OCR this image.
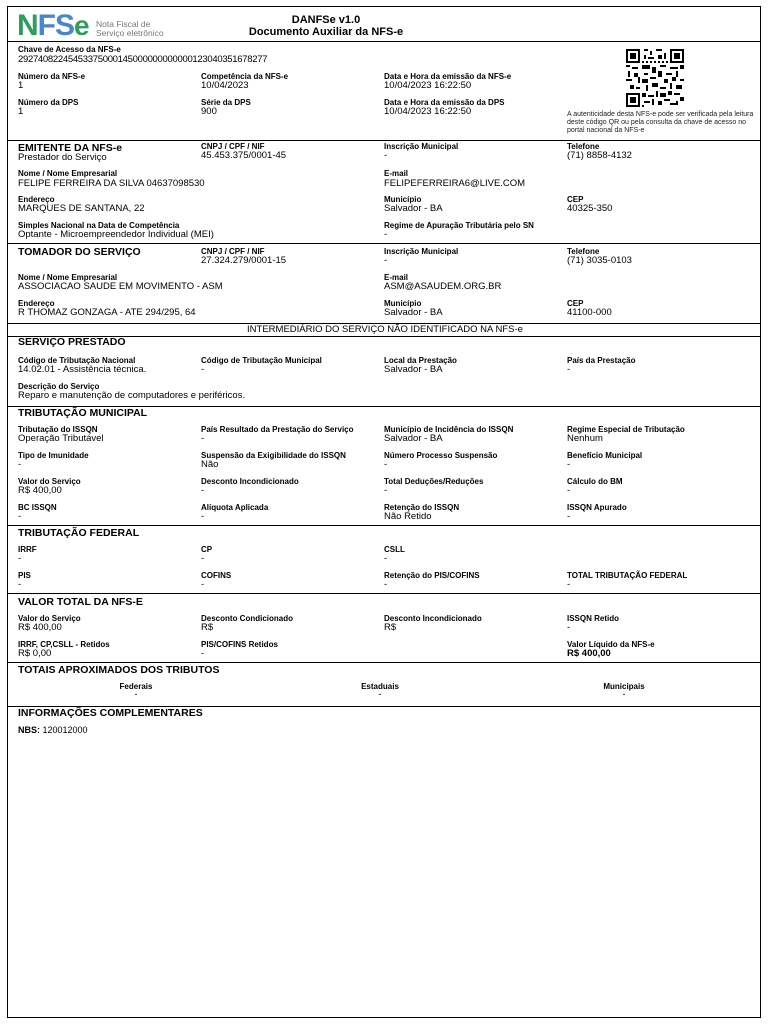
NFSe Nota Fiscal de
Serviço eletrônico
DANFSe v1.0
Documento Auxiliar da NFS-e
Chave de Acesso da NFS-e
29274082245453375000145000000000000123040351678277
Número da NFS-e
1
Competência da NFS-e
10/04/2023
Data e Hora da emissão da NFS-e
10/04/2023 16:22:50
Número da DPS
1
Série da DPS
900
Data e Hora da emissão da DPS
10/04/2023 16:22:50	A autenticidade desta NFS-e pode ser verificada pela leitura deste código QR ou pela consulta da chave de acesso no portal nacional da NFS-e
EMITENTE DA NFS-e
Prestador do Serviço
CNPJ / CPF / NIF
45.453.375/0001-45
Inscrição Municipal
-
Telefone
(71) 8858-4132
Nome / Nome Empresarial
FELIPE FERREIRA DA SILVA 04637098530
E-mail
FELIPEFERREIRA6@LIVE.COM
Endereço
MARQUES DE SANTANA, 22
Município
Salvador - BA
CEP
40325-350
Simples Nacional na Data de Competência
Optante - Microempreendedor Individual (MEI)
Regime de Apuração Tributária pelo SN
-
TOMADOR DO SERVIÇO	CNPJ / CPF / NIF
27.324.279/0001-15
Inscrição Municipal
-
Telefone
(71) 3035-0103
Nome / Nome Empresarial
ASSOCIACAO SAUDE EM MOVIMENTO - ASM
E-mail
ASM@ASAUDEM.ORG.BR
Endereço
R THOMAZ GONZAGA - ATE 294/295, 64
Município
Salvador - BA
CEP
41100-000
INTERMEDIÁRIO DO SERVIÇO NÃO IDENTIFICADO NA NFS-e
SERVIÇO PRESTADO
Código de Tributação Nacional
14.02.01 - Assistência técnica.
Código de Tributação Municipal
-
Local da Prestação
Salvador - BA
País da Prestação
-
Descrição do Serviço
Reparo e manutenção de computadores e periféricos.
TRIBUTAÇÃO MUNICIPAL
Tributação do ISSQN
Operação Tributável
País Resultado da Prestação do Serviço
-
Município de Incidência do ISSQN
Salvador - BA
Regime Especial de Tributação
Nenhum
Tipo de Imunidade
-
Suspensão da Exigibilidade do ISSQN
Não
Número Processo Suspensão
-
Benefício Municipal
-
Valor do Serviço
R$ 400,00
Desconto Incondicionado
-
Total Deduções/Reduções
-
Cálculo do BM
-
BC ISSQN
-
Alíquota Aplicada
-
Retenção do ISSQN
Não Retido
ISSQN Apurado
-
TRIBUTAÇÃO FEDERAL
IRRF
-
CP
-
CSLL
-
PIS
-
COFINS
-
Retenção do PIS/COFINS
-
TOTAL TRIBUTAÇÃO FEDERAL
-
VALOR TOTAL DA NFS-E
Valor do Serviço
R$ 400,00
Desconto Condicionado
R$
Desconto Incondicionado
R$
ISSQN Retido
-
IRRF, CP,CSLL - Retidos
R$ 0,00
PIS/COFINS Retidos
-
Valor Líquido da NFS-e
R$ 400,00
TOTAIS APROXIMADOS DOS TRIBUTOS
Federais
-
Estaduais
-
Municipais
-
INFORMAÇÕES COMPLEMENTARES
NBS: 120012000
